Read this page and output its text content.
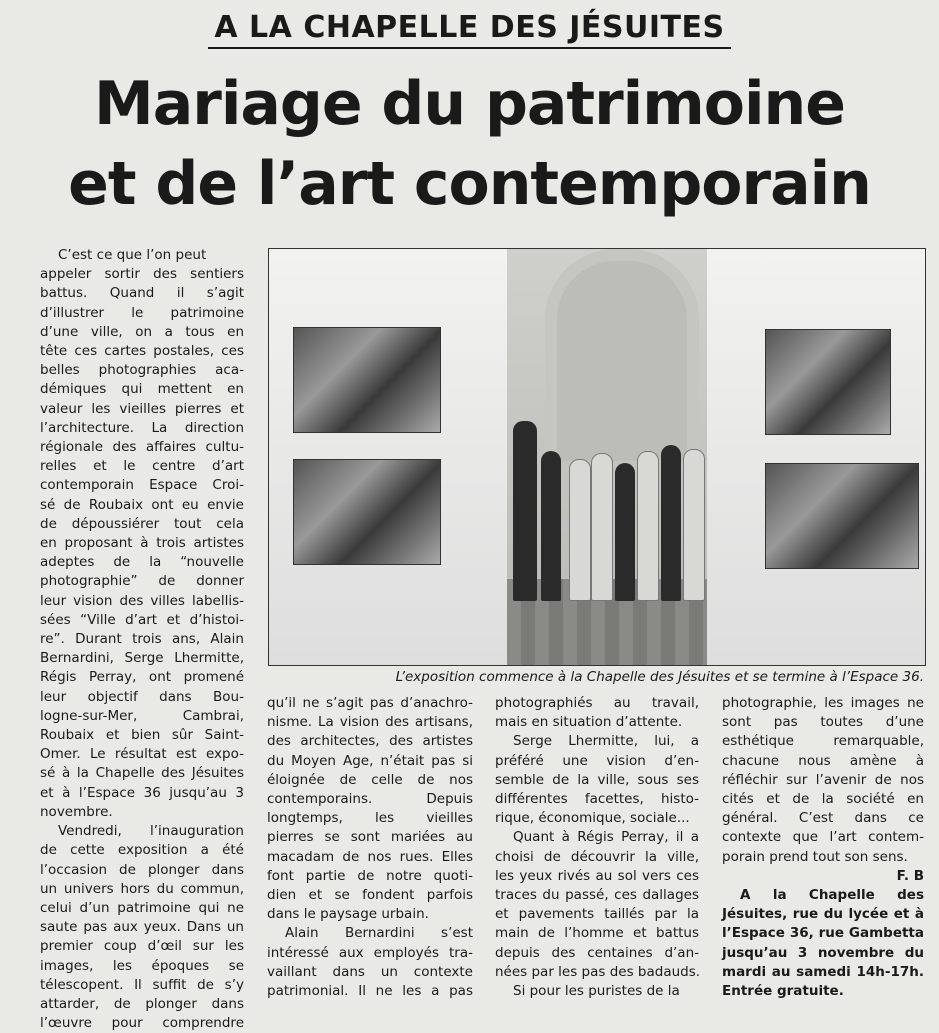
A LA CHAPELLE DES JÉSUITES
Mariage du patrimoine
et de l’art contemporain
C’est ce que l’on peut
appeler sortir des sentiers
battus. Quand il s’agit
d’illustrer le patrimoine
d’une ville, on a tous en
tête ces cartes postales, ces
belles photographies aca-
démiques qui mettent en
valeur les vieilles pierres et
l’architecture. La direction
régionale des affaires cultu-
relles et le centre d’art
contemporain Espace Croi-
sé de Roubaix ont eu envie
de dépoussiérer tout cela
en proposant à trois artistes
adeptes de la “nouvelle
photographie” de donner
leur vision des villes labellis-
sées “Ville d’art et d’histoi-
re”. Durant trois ans, Alain
Bernardini, Serge Lhermitte,
Régis Perray, ont promené
leur objectif dans Bou-
logne-sur-Mer, Cambrai,
Roubaix et bien sûr Saint-
Omer. Le résultat est expo-
sé à la Chapelle des Jésuites
et à l’Espace 36 jusqu’au 3
novembre.
Vendredi, l’inauguration
de cette exposition a été
l’occasion de plonger dans
un univers hors du commun,
celui d’un patrimoine qui ne
saute pas aux yeux. Dans un
premier coup d’œil sur les
images, les époques se
télescopent. Il suffit de s’y
attarder, de plonger dans
l’œuvre pour comprendre
L’exposition commence à la Chapelle des Jésuites et se termine à l’Espace 36.
qu’il ne s’agit pas d’anachro-
nisme. La vision des artisans,
des architectes, des artistes
du Moyen Age, n’était pas si
éloignée de celle de nos
contemporains. Depuis
longtemps, les vieilles
pierres se sont mariées au
macadam de nos rues. Elles
font partie de notre quoti-
dien et se fondent parfois
dans le paysage urbain.
Alain Bernardini s’est
intéressé aux employés tra-
vaillant dans un contexte
patrimonial. Il ne les a pas
photographiés au travail,
mais en situation d’attente.
Serge Lhermitte, lui, a
préféré une vision d’en-
semble de la ville, sous ses
différentes facettes, histo-
rique, économique, sociale...
Quant à Régis Perray, il a
choisi de découvrir la ville,
les yeux rivés au sol vers ces
traces du passé, ces dallages
et pavements taillés par la
main de l’homme et battus
depuis des centaines d’an-
nées par les pas des badauds.
Si pour les puristes de la
photographie, les images ne
sont pas toutes d’une
esthétique remarquable,
chacune nous amène à
réfléchir sur l’avenir de nos
cités et de la société en
général. C’est dans ce
contexte que l’art contem-
porain prend tout son sens.
F. B
A la Chapelle des
Jésuites, rue du lycée et à
l’Espace 36, rue Gambetta
jusqu’au 3 novembre du
mardi au samedi 14h-17h.
Entrée gratuite.
